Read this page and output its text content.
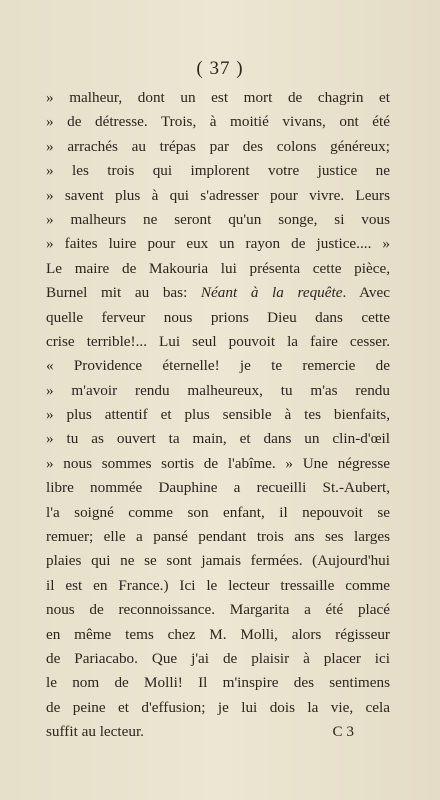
( 37 )
» malheur, dont un est mort de chagrin et
» de détresse. Trois, à moitié vivans, ont été
» arrachés au trépas par des colons généreux;
» les trois qui implorent votre justice ne
» savent plus à qui s'adresser pour vivre. Leurs
» malheurs ne seront qu'un songe, si vous
» faites luire pour eux un rayon de justice.... »
Le maire de Makouria lui présenta cette pièce,
Burnel mit au bas: Néant à la requête. Avec
quelle ferveur nous prions Dieu dans cette
crise terrible!... Lui seul pouvoit la faire cesser.
« Providence éternelle! je te remercie de
» m'avoir rendu malheureux, tu m'as rendu
» plus attentif et plus sensible à tes bienfaits,
» tu as ouvert ta main, et dans un clin-d'œil
» nous sommes sortis de l'abîme. » Une négresse
libre nommée Dauphine a recueilli St.-Aubert,
l'a soigné comme son enfant, il nepouvoit se
remuer; elle a pansé pendant trois ans ses larges
plaies qui ne se sont jamais fermées. (Aujourd'hui
il est en France.) Ici le lecteur tressaille comme
nous de reconnoissance. Margarita a été placé
en même tems chez M. Molli, alors régisseur
de Pariacabo. Que j'ai de plaisir à placer ici
le nom de Molli! Il m'inspire des sentimens
de peine et d'effusion; je lui dois la vie, cela
suffit au lecteur.	C 3
